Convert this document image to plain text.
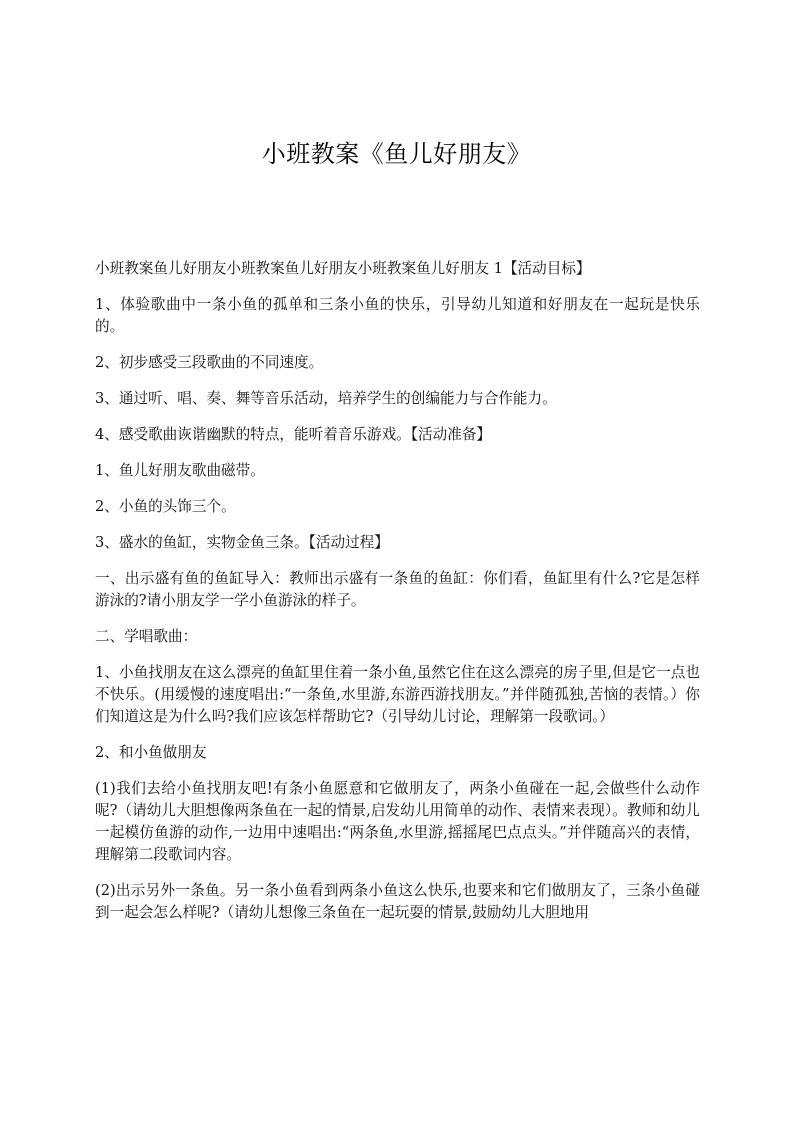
小班教案《鱼儿好朋友》

小班教案鱼儿好朋友小班教案鱼儿好朋友小班教案鱼儿好朋友 1【活动目标】

1、体验歌曲中一条小鱼的孤单和三条小鱼的快乐，引导幼儿知道和好朋友在一起玩是快乐的。

2、初步感受三段歌曲的不同速度。

3、通过听、唱、奏、舞等音乐活动，培养学生的创编能力与合作能力。

4、感受歌曲诙谐幽默的特点，能听着音乐游戏。【活动准备】

1、鱼儿好朋友歌曲磁带。

2、小鱼的头饰三个。

3、盛水的鱼缸，实物金鱼三条。【活动过程】

一、出示盛有鱼的鱼缸导入：教师出示盛有一条鱼的鱼缸：你们看，鱼缸里有什么?它是怎样游泳的?请小朋友学一学小鱼游泳的样子。

二、学唱歌曲：

1、小鱼找朋友在这么漂亮的鱼缸里住着一条小鱼,虽然它住在这么漂亮的房子里,但是它一点也不快乐。(用缓慢的速度唱出:“一条鱼,水里游,东游西游找朋友。”并伴随孤独,苦恼的表情。）你们知道这是为什么吗?我们应该怎样帮助它?（引导幼儿讨论，理解第一段歌词。）

2、和小鱼做朋友

(1)我们去给小鱼找朋友吧!有条小鱼愿意和它做朋友了，两条小鱼碰在一起,会做些什么动作呢?（请幼儿大胆想像两条鱼在一起的情景,启发幼儿用简单的动作、表情来表现）。教师和幼儿一起模仿鱼游的动作,一边用中速唱出:“两条鱼,水里游,摇摇尾巴点点头。”并伴随高兴的表情，理解第二段歌词内容。

(2)出示另外一条鱼。另一条小鱼看到两条小鱼这么快乐,也要来和它们做朋友了，三条小鱼碰到一起会怎么样呢?（请幼儿想像三条鱼在一起玩耍的情景,鼓励幼儿大胆地用
